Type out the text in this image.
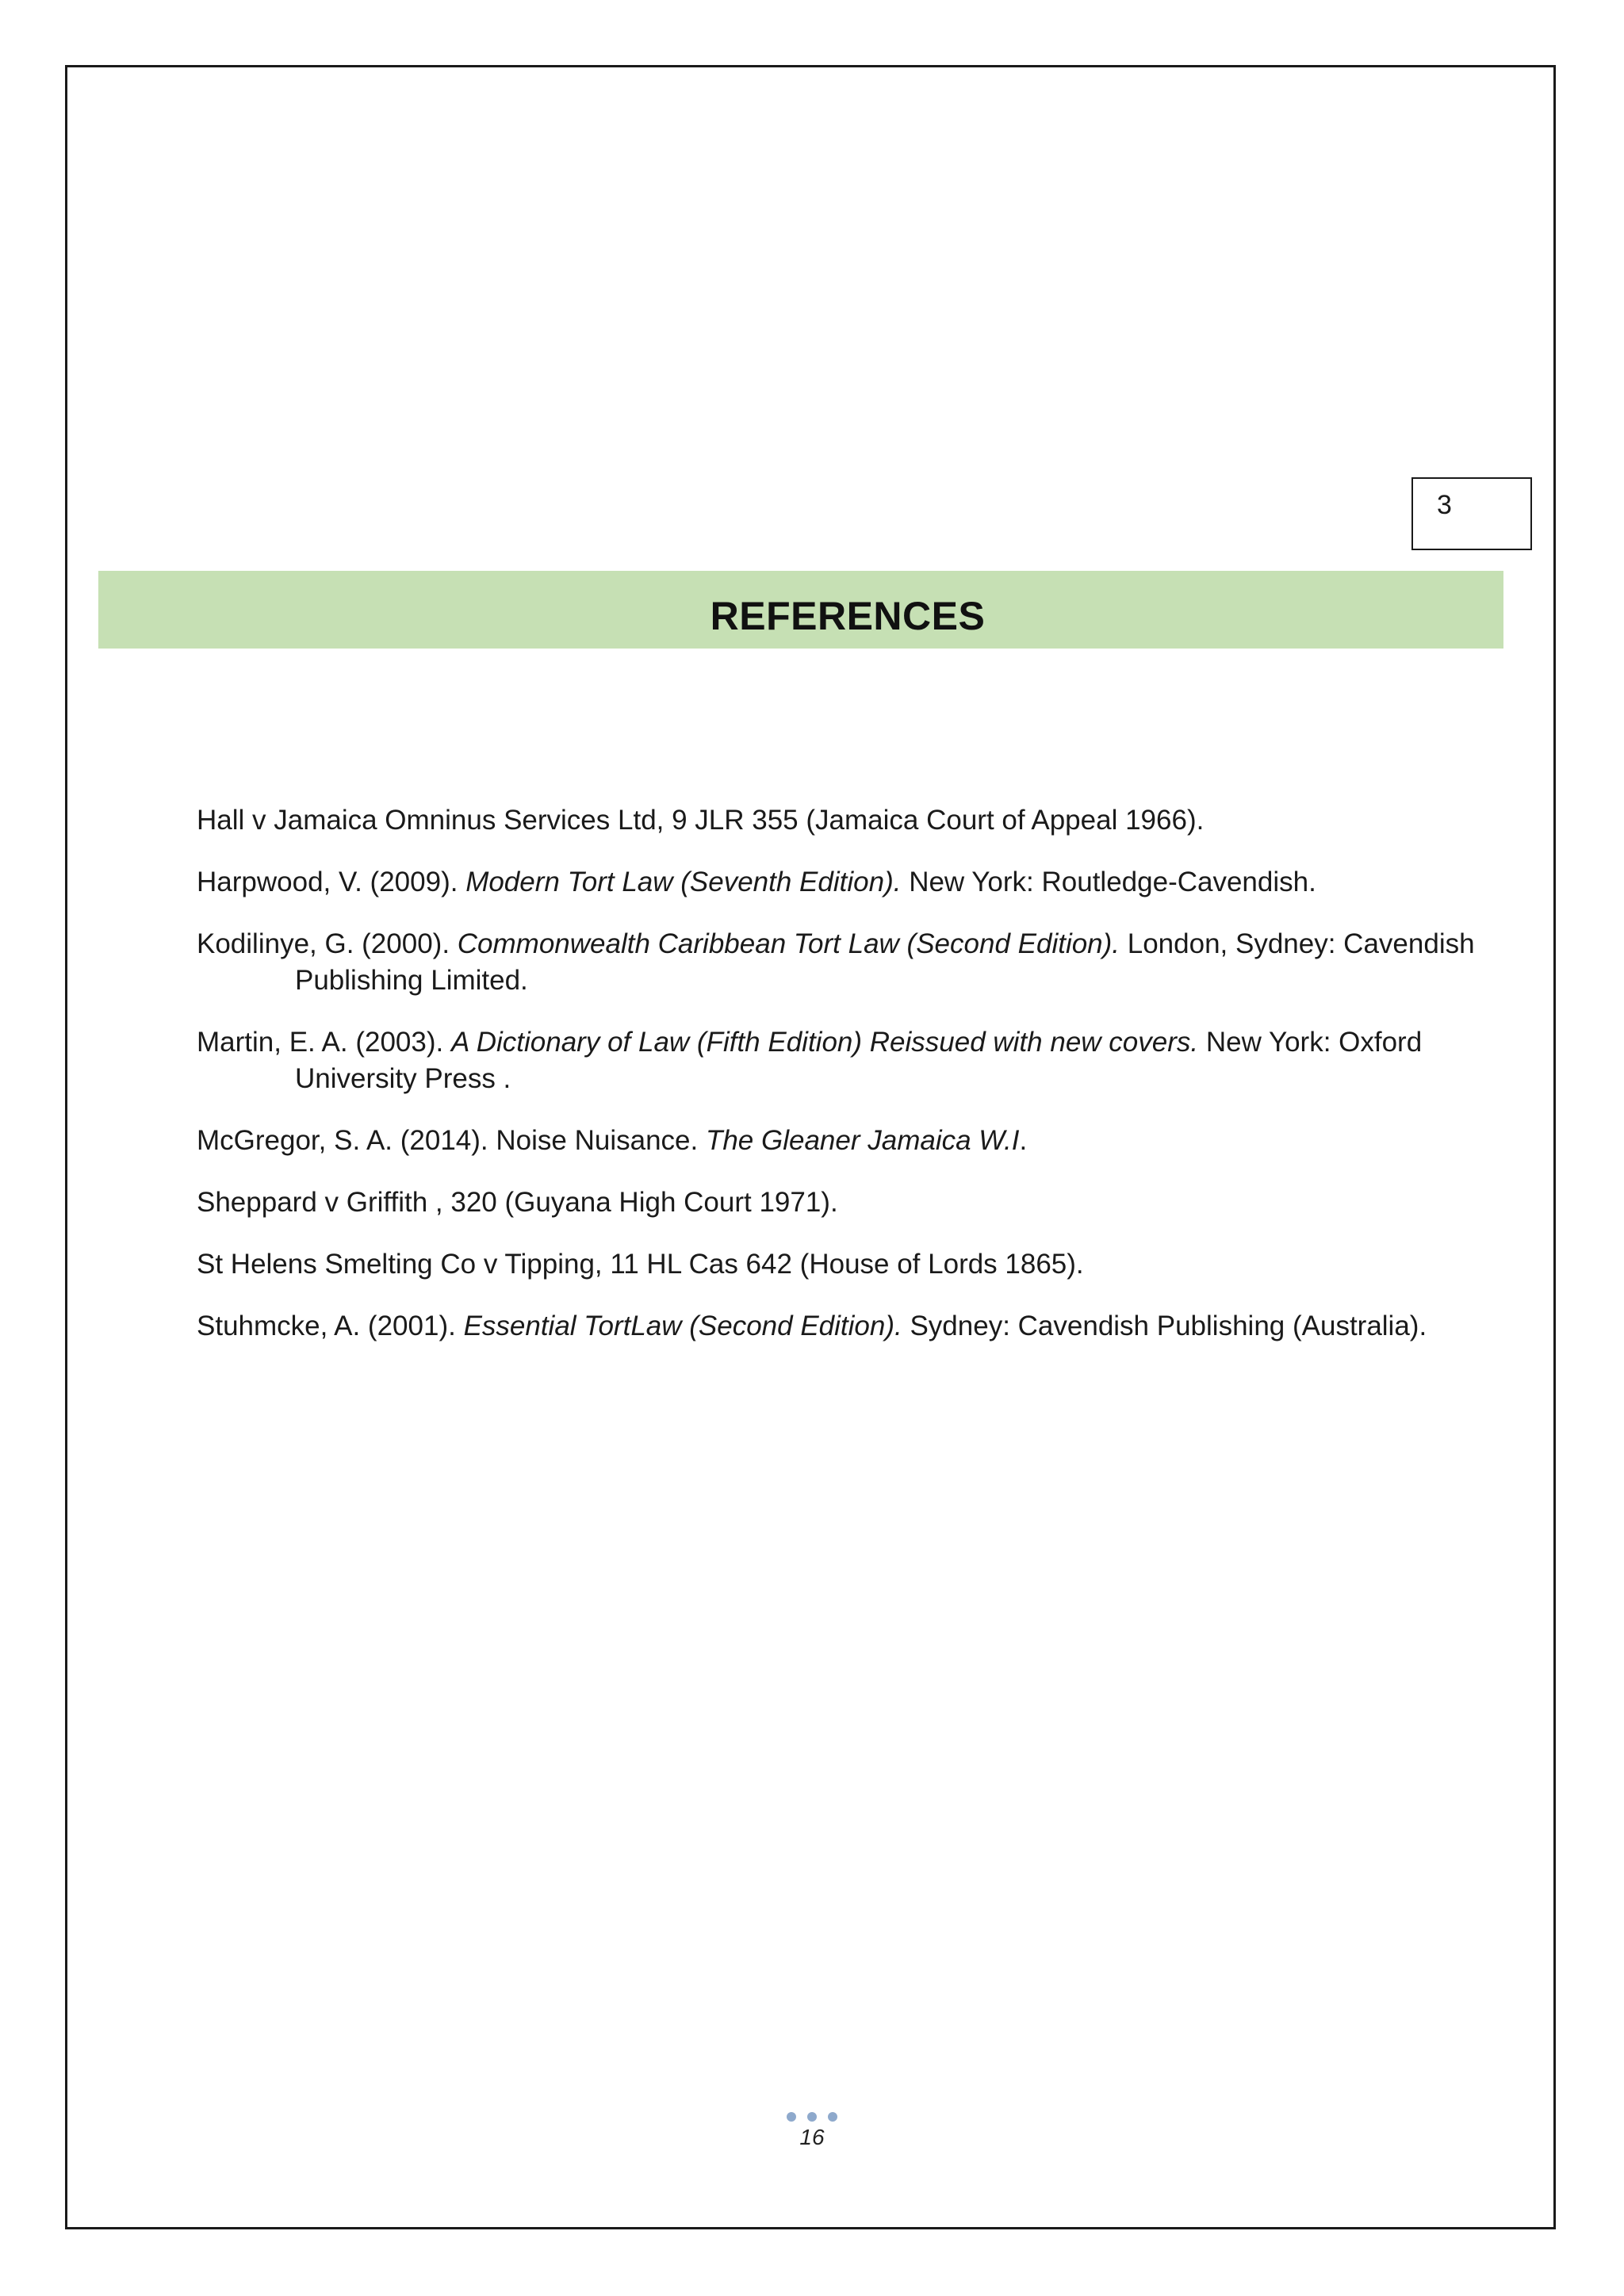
3
REFERENCES
Hall v Jamaica Omninus Services Ltd, 9 JLR 355 (Jamaica Court of Appeal 1966).
Harpwood, V. (2009). Modern Tort Law (Seventh Edition). New York: Routledge-Cavendish.
Kodilinye, G. (2000). Commonwealth Caribbean Tort Law (Second Edition). London, Sydney: Cavendish Publishing Limited.
Martin, E. A. (2003). A Dictionary of Law (Fifth Edition) Reissued with new covers. New York: Oxford University Press .
McGregor, S. A. (2014). Noise Nuisance. The Gleaner Jamaica W.I.
Sheppard v Griffith , 320 (Guyana High Court 1971).
St Helens Smelting Co v Tipping, 11 HL Cas 642 (House of Lords 1865).
Stuhmcke, A. (2001). Essential TortLaw (Second Edition). Sydney: Cavendish Publishing (Australia).

16
